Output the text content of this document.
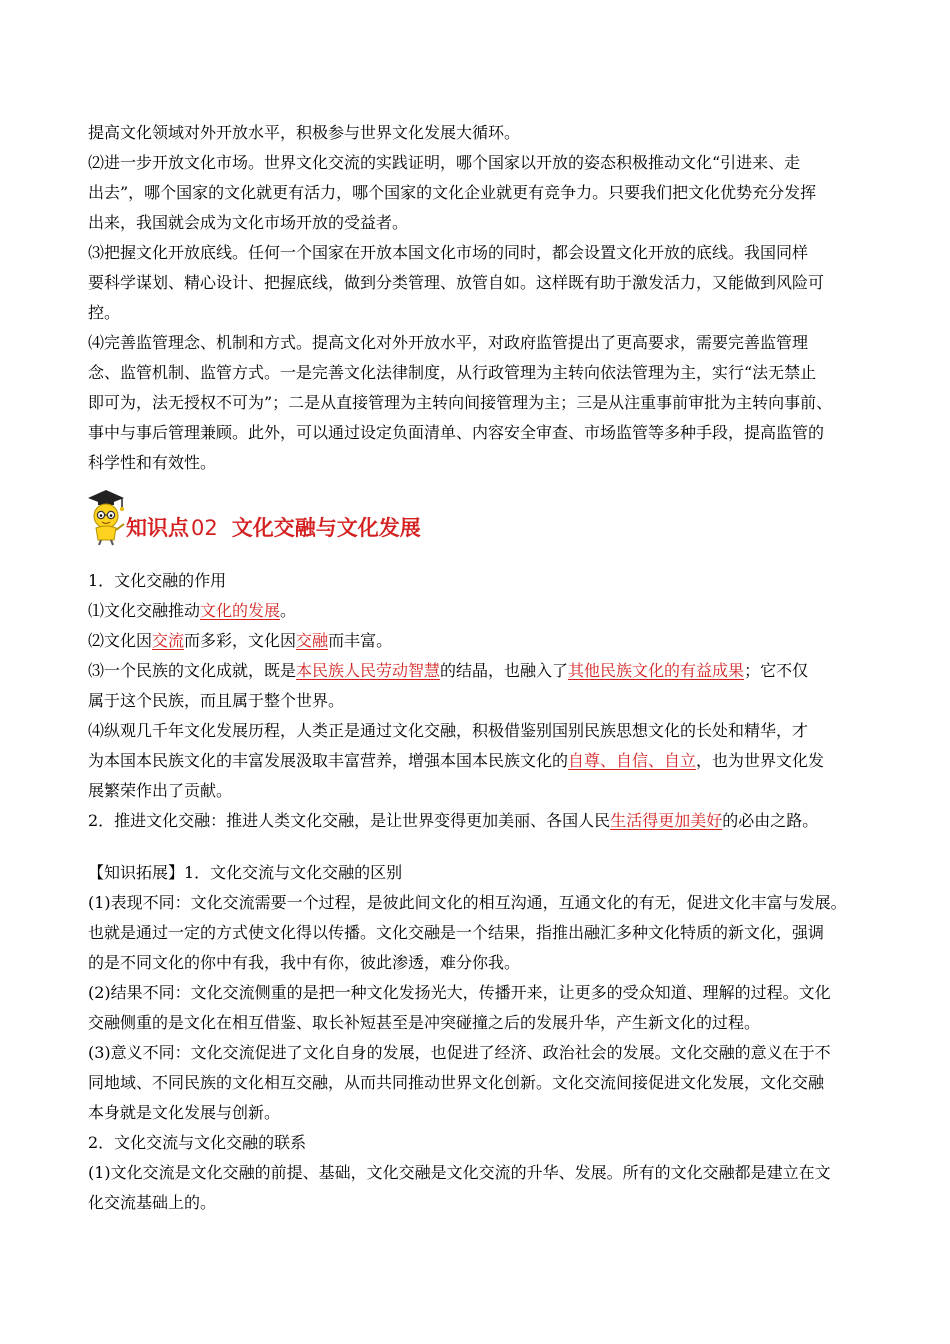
提高文化领域对外开放水平，积极参与世界文化发展大循环。

⑵进一步开放文化市场。世界文化交流的实践证明，哪个国家以开放的姿态积极推动文化“引进来、走

出去”，哪个国家的文化就更有活力，哪个国家的文化企业就更有竞争力。只要我们把文化优势充分发挥

出来，我国就会成为文化市场开放的受益者。

⑶把握文化开放底线。任何一个国家在开放本国文化市场的同时，都会设置文化开放的底线。我国同样

要科学谋划、精心设计、把握底线，做到分类管理、放管自如。这样既有助于激发活力，又能做到风险可

控。

⑷完善监管理念、机制和方式。提高文化对外开放水平，对政府监管提出了更高要求，需要完善监管理

念、监管机制、监管方式。一是完善文化法律制度，从行政管理为主转向依法管理为主，实行“法无禁止

即可为，法无授权不可为”；二是从直接管理为主转向间接管理为主；三是从注重事前审批为主转向事前、

事中与事后管理兼顾。此外，可以通过设定负面清单、内容安全审查、市场监管等多种手段，提高监管的

科学性和有效性。

知识点02 文化交融与文化发展

1．文化交融的作用

⑴文化交融推动文化的发展。

⑵文化因交流而多彩，文化因交融而丰富。

⑶一个民族的文化成就，既是本民族人民劳动智慧的结晶，也融入了其他民族文化的有益成果；它不仅

属于这个民族，而且属于整个世界。

⑷纵观几千年文化发展历程，人类正是通过文化交融，积极借鉴别国别民族思想文化的长处和精华，才

为本国本民族文化的丰富发展汲取丰富营养，增强本国本民族文化的自尊、自信、自立，也为世界文化发

展繁荣作出了贡献。

2．推进文化交融：推进人类文化交融，是让世界变得更加美丽、各国人民生活得更加美好的必由之路。

【知识拓展】1．文化交流与文化交融的区别

(1)表现不同：文化交流需要一个过程，是彼此间文化的相互沟通，互通文化的有无，促进文化丰富与发展。

也就是通过一定的方式使文化得以传播。文化交融是一个结果，指推出融汇多种文化特质的新文化，强调

的是不同文化的你中有我，我中有你，彼此渗透，难分你我。

(2)结果不同：文化交流侧重的是把一种文化发扬光大，传播开来，让更多的受众知道、理解的过程。文化

交融侧重的是文化在相互借鉴、取长补短甚至是冲突碰撞之后的发展升华，产生新文化的过程。

(3)意义不同：文化交流促进了文化自身的发展，也促进了经济、政治社会的发展。文化交融的意义在于不

同地域、不同民族的文化相互交融，从而共同推动世界文化创新。文化交流间接促进文化发展，文化交融

本身就是文化发展与创新。

2．文化交流与文化交融的联系

(1)文化交流是文化交融的前提、基础，文化交融是文化交流的升华、发展。所有的文化交融都是建立在文

化交流基础上的。
